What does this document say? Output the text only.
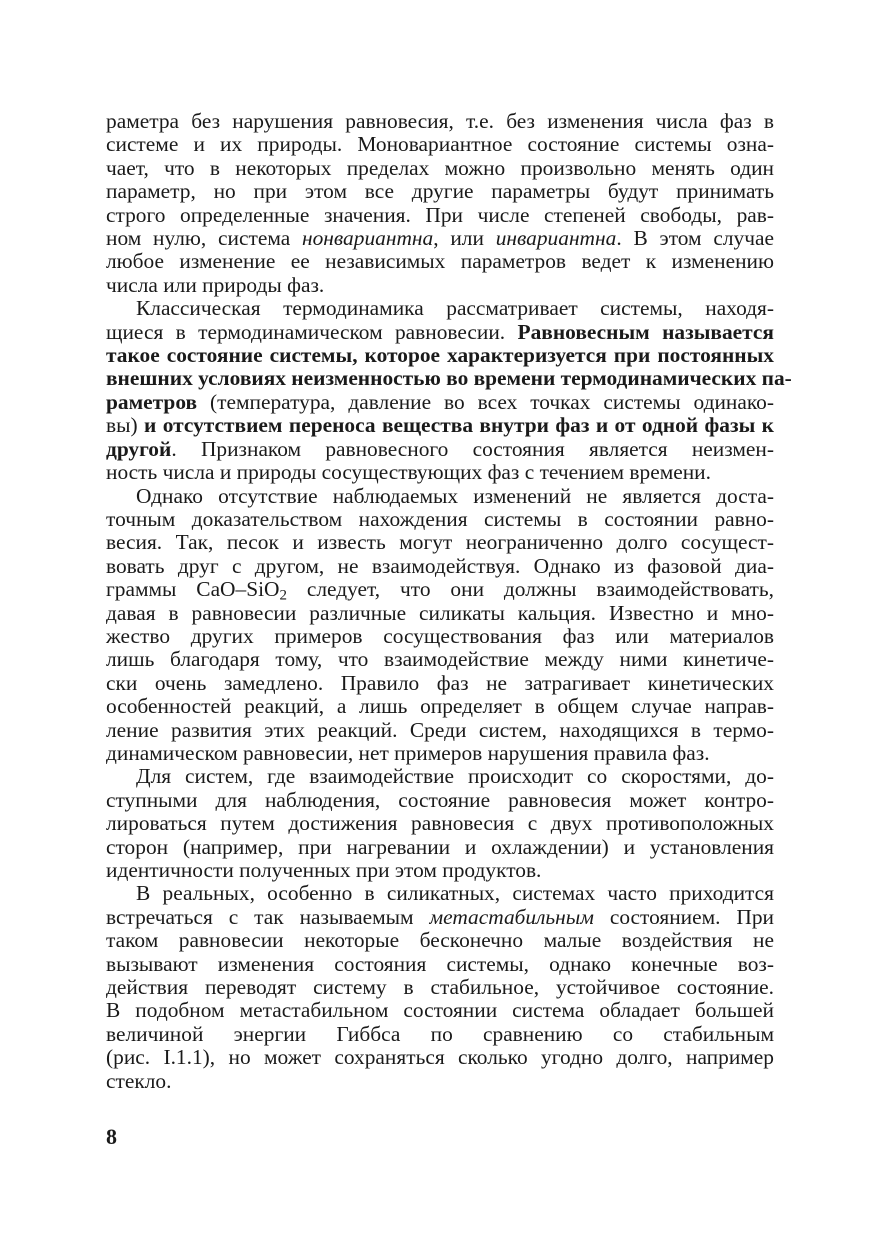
раметра без нарушения равновесия, т.е. без изменения числа фаз в
системе и их природы. Моновариантное состояние системы озна-
чает, что в некоторых пределах можно произвольно менять один
параметр, но при этом все другие параметры будут принимать
строго определенные значения. При числе степеней свободы, рав-
ном нулю, система нонвариантна, или инвариантна. В этом случае
любое изменение ее независимых параметров ведет к изменению
числа или природы фаз.
Классическая термодинамика рассматривает системы, находя-
щиеся в термодинамическом равновесии. Равновесным называется
такое состояние системы, которое характеризуется при постоянных
внешних условиях неизменностью во времени термодинамических па-
раметров (температура, давление во всех точках системы одинако-
вы) и отсутствием переноса вещества внутри фаз и от одной фазы к
другой. Признаком равновесного состояния является неизмен-
ность числа и природы сосуществующих фаз с течением времени.
Однако отсутствие наблюдаемых изменений не является доста-
точным доказательством нахождения системы в состоянии равно-
весия. Так, песок и известь могут неограниченно долго сосущест-
вовать друг с другом, не взаимодействуя. Однако из фазовой диа-
граммы CaO–SiO$_2$ следует, что они должны взаимодействовать,
давая в равновесии различные силикаты кальция. Известно и мно-
жество других примеров сосуществования фаз или материалов
лишь благодаря тому, что взаимодействие между ними кинетиче-
ски очень замедлено. Правило фаз не затрагивает кинетических
особенностей реакций, а лишь определяет в общем случае направ-
ление развития этих реакций. Среди систем, находящихся в термо-
динамическом равновесии, нет примеров нарушения правила фаз.
Для систем, где взаимодействие происходит со скоростями, до-
ступными для наблюдения, состояние равновесия может контро-
лироваться путем достижения равновесия с двух противоположных
сторон (например, при нагревании и охлаждении) и установления
идентичности полученных при этом продуктов.
В реальных, особенно в силикатных, системах часто приходится
встречаться с так называемым метастабильным состоянием. При
таком равновесии некоторые бесконечно малые воздействия не
вызывают изменения состояния системы, однако конечные воз-
действия переводят систему в стабильное, устойчивое состояние.
В подобном метастабильном состоянии система обладает большей
величиной энергии Гиббса по сравнению со стабильным
(рис. I.1.1), но может сохраняться сколько угодно долго, например
стекло.
8
